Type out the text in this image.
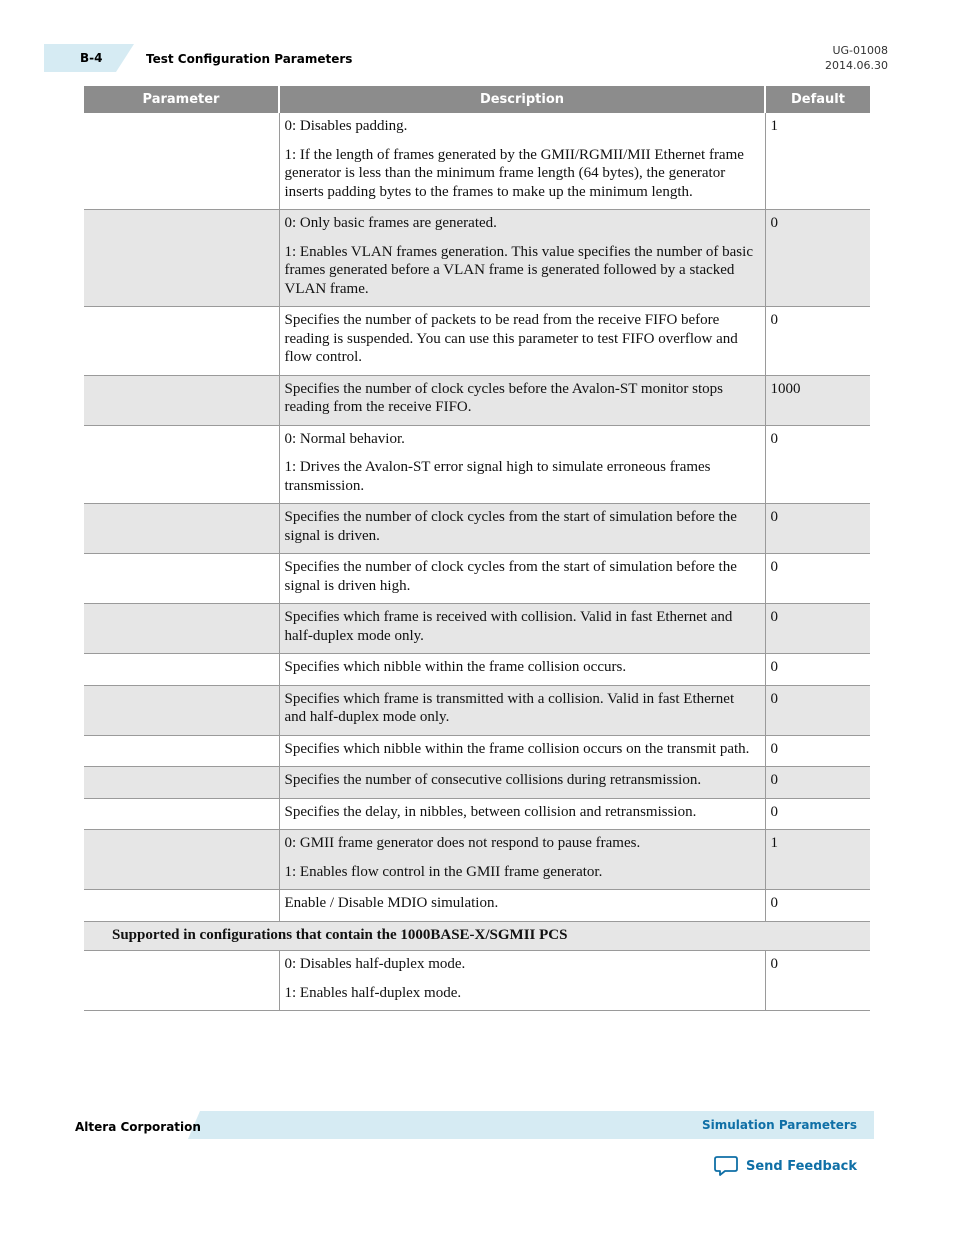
B-4	Test Configuration Parameters
UG-01008
2014.06.30
Parameter	Description	Default

	0: Disables padding.

1: If the length of frames generated by the GMII/RGMII/MII Ethernet frame generator is less than the minimum frame length (64 bytes), the generator inserts padding bytes to the frames to make up the minimum length.	1

	0: Only basic frames are generated.

1: Enables VLAN frames generation. This value specifies the number of basic frames generated before a VLAN frame is generated followed by a stacked VLAN frame.	0

	Specifies the number of packets to be read from the receive FIFO before reading is suspended. You can use this parameter to test FIFO overflow and flow control.	0

	Specifies the number of clock cycles before the Avalon-ST monitor stops reading from the receive FIFO.	1000

	0: Normal behavior.

1: Drives the Avalon-ST error signal high to simulate erroneous frames transmission.	0

	Specifies the number of clock cycles from the start of simulation before the signal is driven.	0

	Specifies the number of clock cycles from the start of simulation before the signal is driven high.	0

	Specifies which frame is received with collision. Valid in fast Ethernet and half-duplex mode only.	0

	Specifies which nibble within the frame collision occurs.	0

	Specifies which frame is transmitted with a collision. Valid in fast Ethernet and half-duplex mode only.	0

	Specifies which nibble within the frame collision occurs on the transmit path.	0

	Specifies the number of consecutive collisions during retransmission.	0

	Specifies the delay, in nibbles, between collision and retransmission.	0

	0: GMII frame generator does not respond to pause frames.

1: Enables flow control in the GMII frame generator.	1

	Enable / Disable MDIO simulation.	0
Supported in configurations that contain the 1000BASE-X/SGMII PCS		

	0: Disables half-duplex mode.

1: Enables half-duplex mode.	0
Altera Corporation	Simulation Parameters
Send Feedback
